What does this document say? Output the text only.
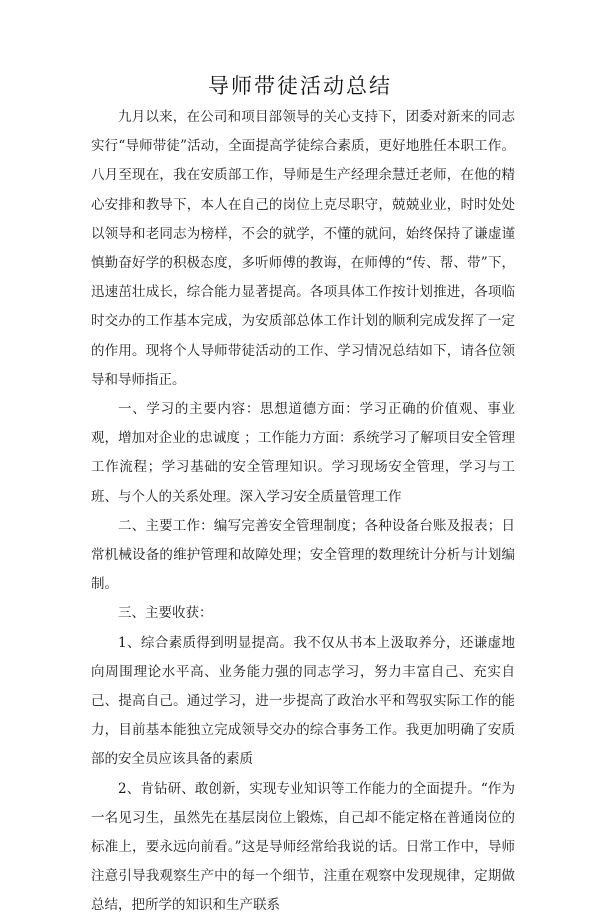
导师带徒活动总结

九月以来，在公司和项目部领导的关心支持下，团委对新来的同志实行“导师带徒”活动，全面提高学徒综合素质，更好地胜任本职工作。八月至现在，我在安质部工作，导师是生产经理余慧迁老师，在他的精心安排和教导下，本人在自己的岗位上克尽职守，兢兢业业，时时处处以领导和老同志为榜样，不会的就学，不懂的就问，始终保持了谦虚谨慎勤奋好学的积极态度，多听师傅的教诲，在师傅的“传、帮、带”下，迅速茁壮成长，综合能力显著提高。各项具体工作按计划推进，各项临时交办的工作基本完成，为安质部总体工作计划的顺利完成发挥了一定的作用。现将个人导师带徒活动的工作、学习情况总结如下，请各位领导和导师指正。

一、学习的主要内容：思想道德方面：学习正确的价值观、事业观，增加对企业的忠诚度 ；工作能力方面：系统学习了解项目安全管理工作流程；学习基础的安全管理知识。学习现场安全管理，学习与工班、与个人的关系处理。深入学习安全质量管理工作

二、主要工作：编写完善安全管理制度；各种设备台账及报表；日常机械设备的维护管理和故障处理；安全管理的数理统计分析与计划编制。

三、主要收获：

1、综合素质得到明显提高。我不仅从书本上汲取养分，还谦虚地向周围理论水平高、业务能力强的同志学习，努力丰富自己、充实自己、提高自己。通过学习，进一步提高了政治水平和驾驭实际工作的能力，目前基本能独立完成领导交办的综合事务工作。我更加明确了安质部的安全员应该具备的素质

2、肯钻研、敢创新，实现专业知识等工作能力的全面提升。“作为一名见习生，虽然先在基层岗位上锻炼，自己却不能定格在普通岗位的标准上，要永远向前看。”这是导师经常给我说的话。日常工作中，导师注意引导我观察生产中的每一个细节，注重在观察中发现规律，定期做总结，把所学的知识和生产联系
